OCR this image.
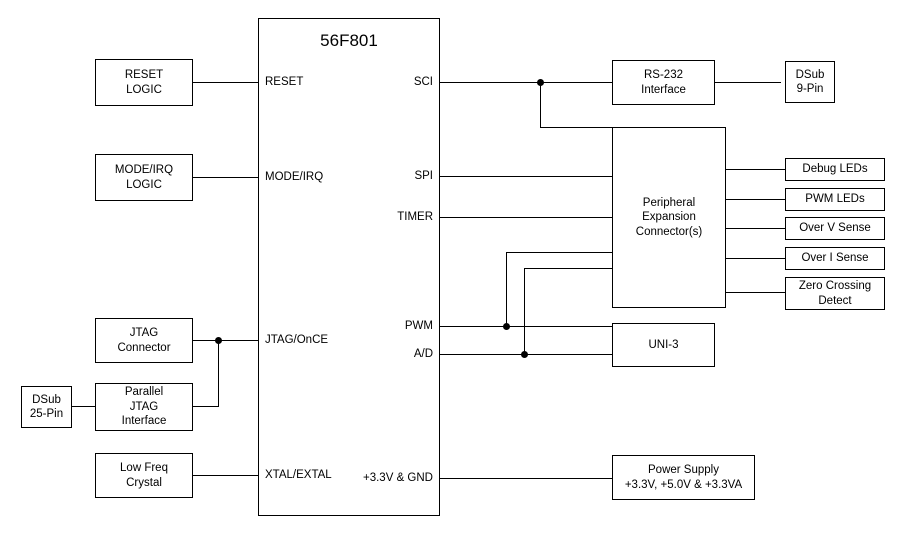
56F801
RESET
MODE/IRQ
JTAG/OnCE
XTAL/EXTAL
SCI
SPI
TIMER
PWM
A/D
+3.3V & GND
RESET
LOGIC
MODE/IRQ
LOGIC
JTAG
Connector
Parallel
JTAG
Interface
DSub
25-Pin
Low Freq
Crystal
RS-232
Interface
DSub
9-Pin
Peripheral
Expansion
Connector(s)
Debug LEDs
PWM LEDs
Over V Sense
Over I Sense
Zero Crossing
Detect
UNI-3
Power Supply
+3.3V, +5.0V & +3.3VA
